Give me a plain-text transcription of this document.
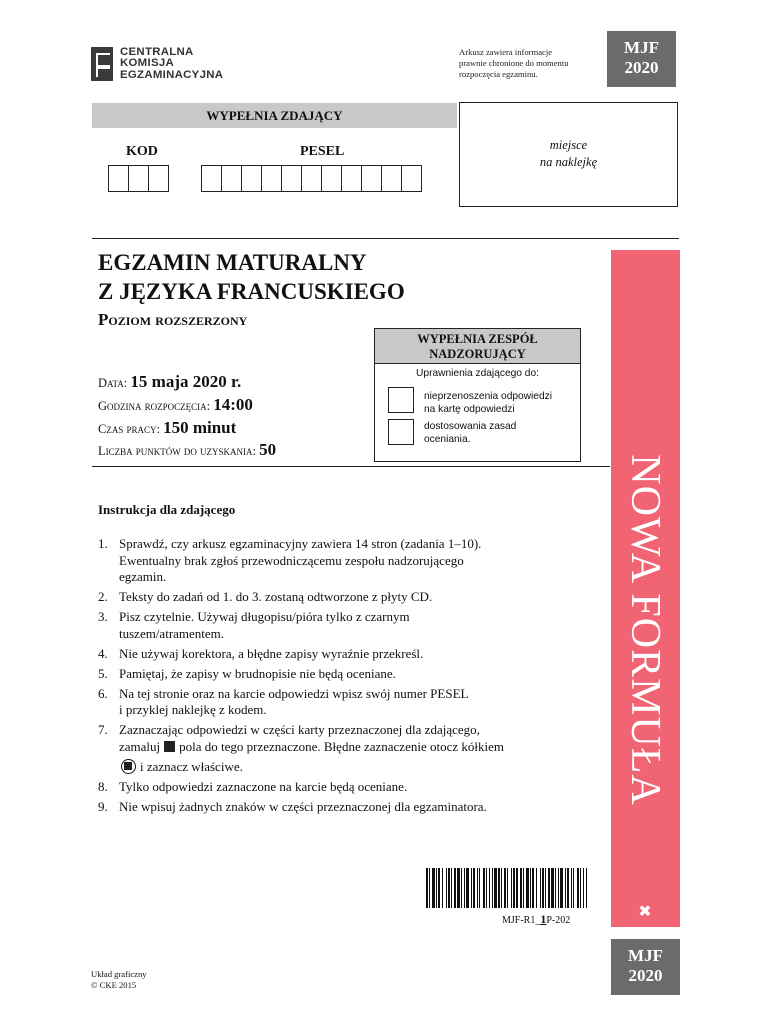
CENTRALNA
KOMISJA
EGZAMINACYJNA
Arkusz zawiera informacje
prawnie chronione do momentu
rozpoczęcia egzaminu.
MJF
2020
WYPEŁNIA ZDAJĄCY
KOD	PESEL	miejsce
na naklejkę
NOWA FORMUŁA
✖
EGZAMIN MATURALNY
Z JĘZYKA FRANCUSKIEGO
Poziom rozszerzony
Data: 15 maja 2020 r.
Godzina rozpoczęcia: 14:00
Czas pracy: 150 minut
Liczba punktów do uzyskania: 50
WYPEŁNIA ZESPÓŁ
NADZORUJĄCY
Uprawnienia zdającego do:
nieprzenoszenia odpowiedzi
na kartę odpowiedzi
dostosowania zasad
oceniania.
Instrukcja dla zdającego
1. Sprawdź, czy arkusz egzaminacyjny zawiera 14 stron (zadania 1–10).
Ewentualny brak zgłoś przewodniczącemu zespołu nadzorującego
egzamin.
2. Teksty do zadań od 1. do 3. zostaną odtworzone z płyty CD.
3. Pisz czytelnie. Używaj długopisu/pióra tylko z czarnym
tuszem/atramentem.
4. Nie używaj korektora, a błędne zapisy wyraźnie przekreśl.
5. Pamiętaj, że zapisy w brudnopisie nie będą oceniane.
6. Na tej stronie oraz na karcie odpowiedzi wpisz swój numer PESEL
i przyklej naklejkę z kodem.
7. Zaznaczając odpowiedzi w części karty przeznaczonej dla zdającego,
zamaluj pola do tego przeznaczone. Błędne zaznaczenie otocz kółkiem
i zaznacz właściwe.
8. Tylko odpowiedzi zaznaczone na karcie będą oceniane.
9. Nie wpisuj żadnych znaków w części przeznaczonej dla egzaminatora.
MJF-R1_1P-202
MJF
2020
Układ graficzny
© CKE 2015
